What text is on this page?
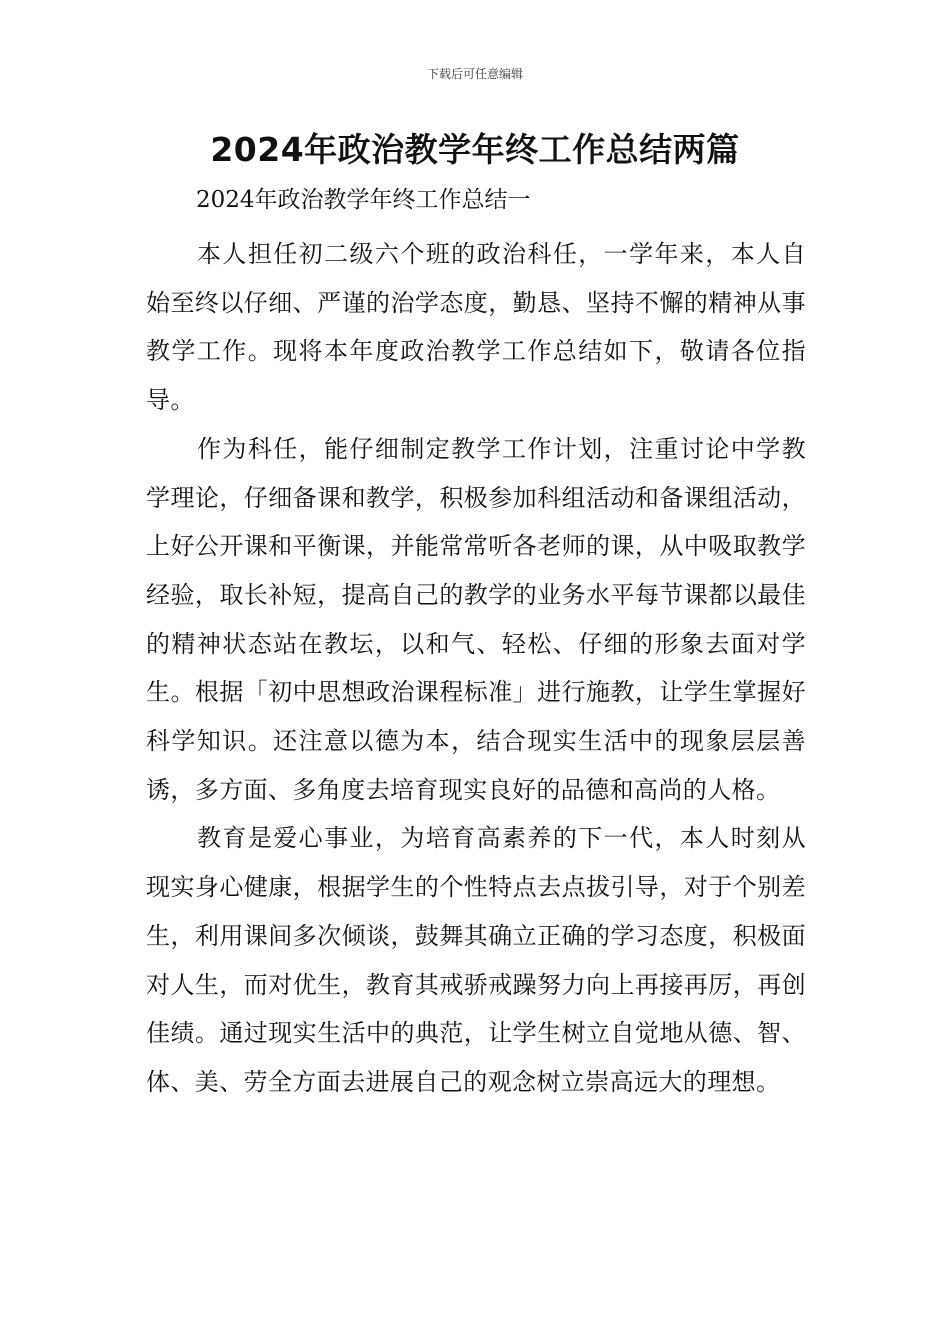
下载后可任意编辑
2024年政治教学年终工作总结两篇

2024年政治教学年终工作总结一

本人担任初二级六个班的政治科任，一学年来，本人自始至终以仔细、严谨的治学态度，勤恳、坚持不懈的精神从事教学工作。现将本年度政治教学工作总结如下，敬请各位指导。

作为科任，能仔细制定教学工作计划，注重讨论中学教学理论，仔细备课和教学，积极参加科组活动和备课组活动，上好公开课和平衡课，并能常常听各老师的课，从中吸取教学经验，取长补短，提高自己的教学的业务水平每节课都以最佳的精神状态站在教坛，以和气、轻松、仔细的形象去面对学生。根据「初中思想政治课程标准」进行施教，让学生掌握好科学知识。还注意以德为本，结合现实生活中的现象层层善诱，多方面、多角度去培育现实良好的品德和高尚的人格。

教育是爱心事业，为培育高素养的下一代，本人时刻从现实身心健康，根据学生的个性特点去点拔引导，对于个别差生，利用课间多次倾谈，鼓舞其确立正确的学习态度，积极面对人生，而对优生，教育其戒骄戒躁努力向上再接再厉，再创佳绩。通过现实生活中的典范，让学生树立自觉地从德、智、体、美、劳全方面去进展自己的观念树立崇高远大的理想。
